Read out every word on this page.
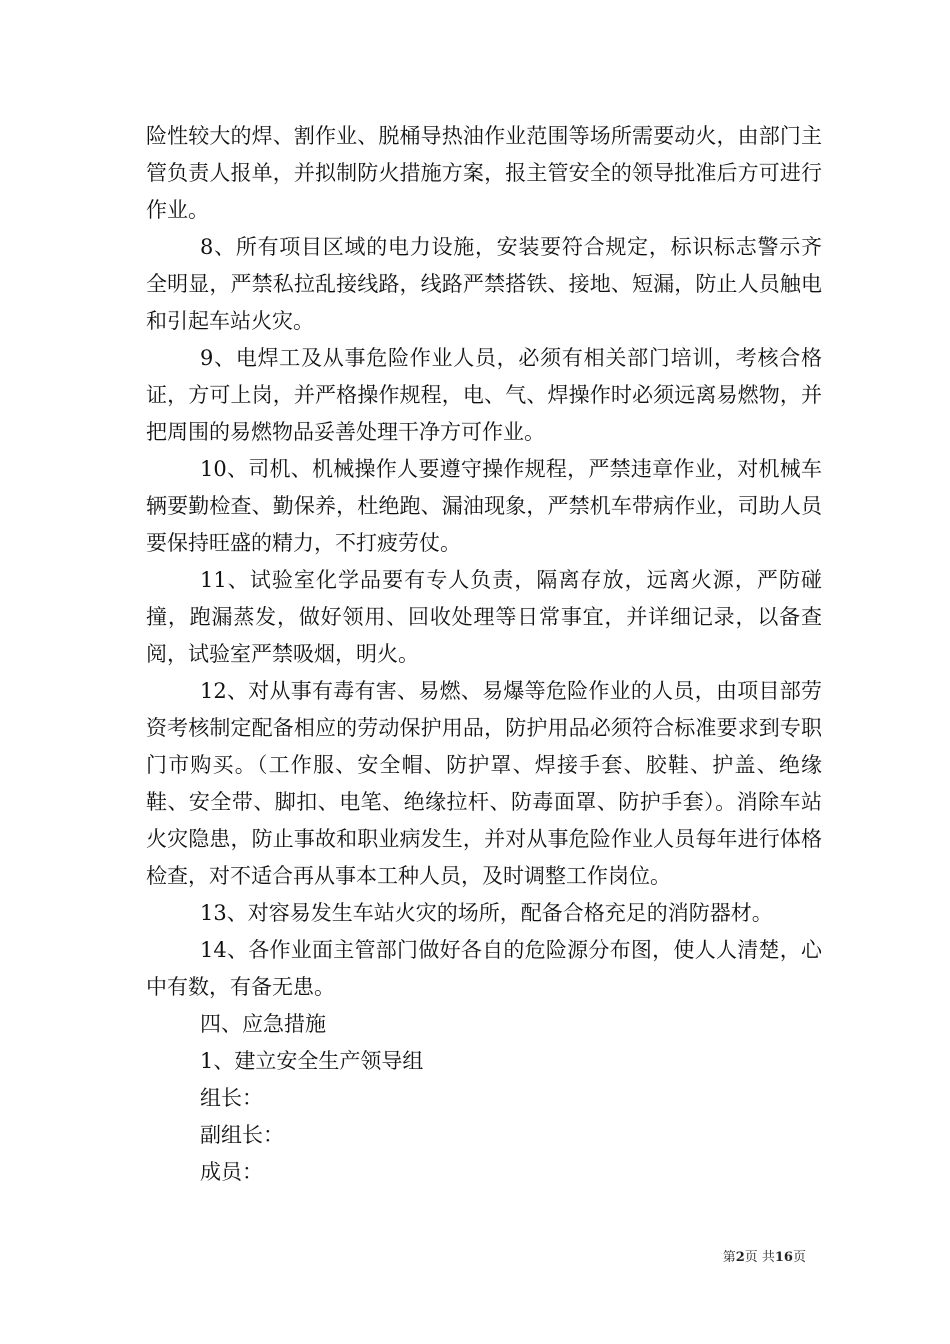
险性较大的焊、割作业、脱桶导热油作业范围等场所需要动火，由部门主管负责人报单，并拟制防火措施方案，报主管安全的领导批准后方可进行作业。

8、所有项目区域的电力设施，安装要符合规定，标识标志警示齐全明显，严禁私拉乱接线路，线路严禁搭铁、接地、短漏，防止人员触电和引起车站火灾。

9、电焊工及从事危险作业人员，必须有相关部门培训，考核合格证，方可上岗，并严格操作规程，电、气、焊操作时必须远离易燃物，并把周围的易燃物品妥善处理干净方可作业。

10、司机、机械操作人要遵守操作规程，严禁违章作业，对机械车辆要勤检查、勤保养，杜绝跑、漏油现象，严禁机车带病作业，司助人员要保持旺盛的精力，不打疲劳仗。

11、试验室化学品要有专人负责，隔离存放，远离火源，严防碰撞，跑漏蒸发，做好领用、回收处理等日常事宜，并详细记录，以备查阅，试验室严禁吸烟，明火。

12、对从事有毒有害、易燃、易爆等危险作业的人员，由项目部劳资考核制定配备相应的劳动保护用品，防护用品必须符合标准要求到专职门市购买。（工作服、安全帽、防护罩、焊接手套、胶鞋、护盖、绝缘鞋、安全带、脚扣、电笔、绝缘拉杆、防毒面罩、防护手套）。消除车站火灾隐患，防止事故和职业病发生，并对从事危险作业人员每年进行体格检查，对不适合再从事本工种人员，及时调整工作岗位。

13、对容易发生车站火灾的场所，配备合格充足的消防器材。

14、各作业面主管部门做好各自的危险源分布图，使人人清楚，心中有数，有备无患。

四、应急措施

1、建立安全生产领导组

组长：

副组长：

成员：

第2页 共16页
